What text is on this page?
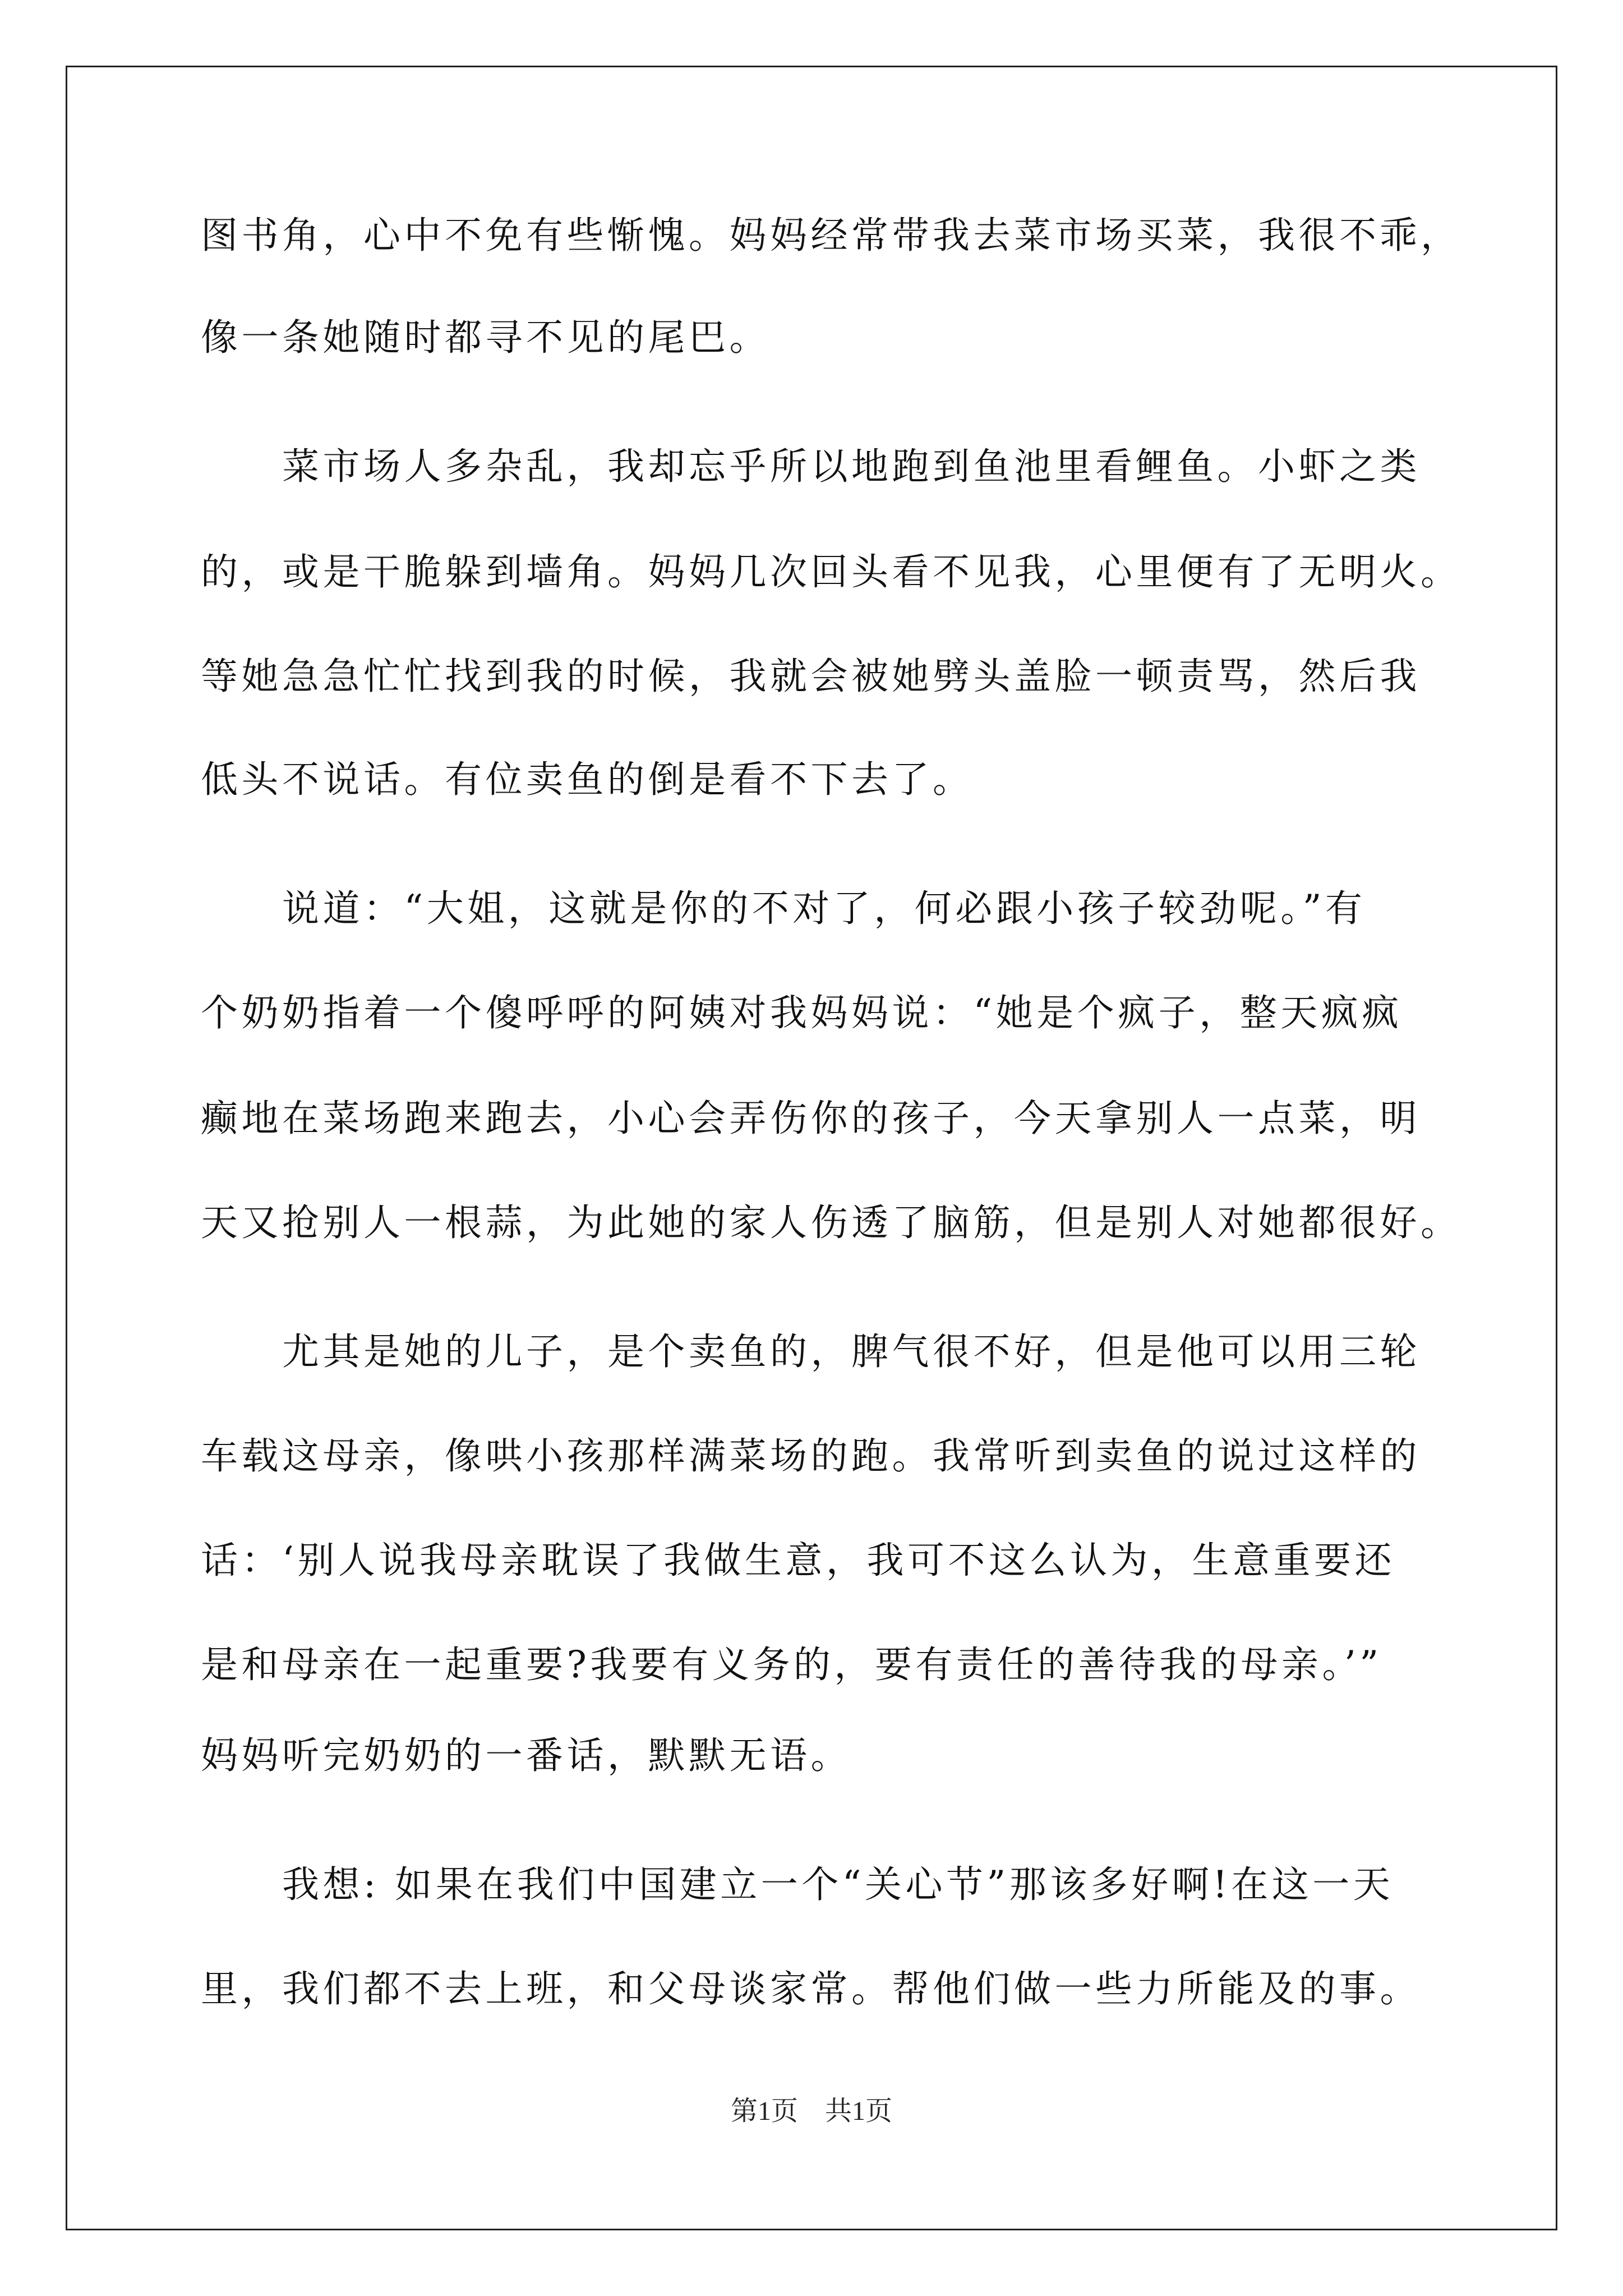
图书角，心中不免有些惭愧。妈妈经常带我去菜市场买菜，我很不乖，
像一条她随时都寻不见的尾巴。
菜市场人多杂乱，我却忘乎所以地跑到鱼池里看鲤鱼。小虾之类
的，或是干脆躲到墙角。妈妈几次回头看不见我，心里便有了无明火。
等她急急忙忙找到我的时候，我就会被她劈头盖脸一顿责骂，然后我
低头不说话。有位卖鱼的倒是看不下去了。
说道：“大姐，这就是你的不对了，何必跟小孩子较劲呢。”有
个奶奶指着一个傻呼呼的阿姨对我妈妈说：“她是个疯子，整天疯疯
癫地在菜场跑来跑去，小心会弄伤你的孩子，今天拿别人一点菜，明
天又抢别人一根蒜，为此她的家人伤透了脑筋，但是别人对她都很好。
尤其是她的儿子，是个卖鱼的，脾气很不好，但是他可以用三轮
车载这母亲，像哄小孩那样满菜场的跑。我常听到卖鱼的说过这样的
话：‘别人说我母亲耽误了我做生意，我可不这么认为，生意重要还
是和母亲在一起重要?我要有义务的，要有责任的善待我的母亲。’”
妈妈听完奶奶的一番话，默默无语。
我想: 如果在我们中国建立一个“关心节”那该多好啊!在这一天
里，我们都不去上班，和父母谈家常。帮他们做一些力所能及的事。
第1页 共1页
